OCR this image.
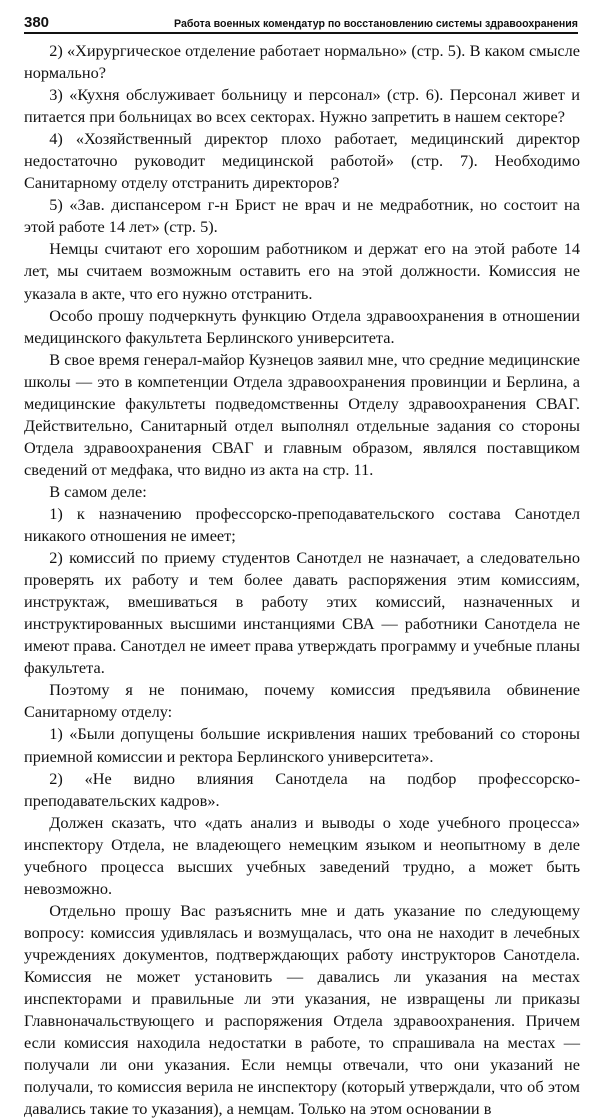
380	Работа военных комендатур по восстановлению системы здравоохранения

2) «Хирургическое отделение работает нормально» (стр. 5). В каком смысле нормально?

3) «Кухня обслуживает больницу и персонал» (стр. 6). Персонал живет и питается при больницах во всех секторах. Нужно запретить в нашем секторе?

4) «Хозяйственный директор плохо работает, медицинский директор недостаточно руководит медицинской работой» (стр. 7). Необходимо Санитарному отделу отстранить директоров?

5) «Зав. диспансером г-н Брист не врач и не медработник, но состоит на этой работе 14 лет» (стр. 5).

Немцы считают его хорошим работником и держат его на этой работе 14 лет, мы считаем возможным оставить его на этой должности. Комиссия не указала в акте, что его нужно отстранить.

Особо прошу подчеркнуть функцию Отдела здравоохранения в отношении медицинского факультета Берлинского университета.

В свое время генерал-майор Кузнецов заявил мне, что средние медицинские школы — это в компетенции Отдела здравоохранения провинции и Берлина, а медицинские факультеты подведомственны Отделу здравоохранения СВАГ. Действительно, Санитарный отдел выполнял отдельные задания со стороны Отдела здравоохранения СВАГ и главным образом, являлся поставщиком сведений от медфака, что видно из акта на стр. 11.

В самом деле:

1) к назначению профессорско-преподавательского состава Санотдел никакого отношения не имеет;

2) комиссий по приему студентов Санотдел не назначает, а следовательно проверять их работу и тем более давать распоряжения этим комиссиям, инструктаж, вмешиваться в работу этих комиссий, назначенных и инструктированных высшими инстанциями СВА — работники Санотдела не имеют права. Санотдел не имеет права утверждать программу и учебные планы факультета.

Поэтому я не понимаю, почему комиссия предъявила обвинение Санитарному отделу:

1) «Были допущены большие искривления наших требований со стороны приемной комиссии и ректора Берлинского университета».

2) «Не видно влияния Санотдела на подбор профессорско-преподавательских кадров».

Должен сказать, что «дать анализ и выводы о ходе учебного процесса» инспектору Отдела, не владеющего немецким языком и неопытному в деле учебного процесса высших учебных заведений трудно, а может быть невозможно.

Отдельно прошу Вас разъяснить мне и дать указание по следующему вопросу: комиссия удивлялась и возмущалась, что она не находит в лечебных учреждениях документов, подтверждающих работу инструкторов Санотдела. Комиссия не может установить — давались ли указания на местах инспекторами и правильные ли эти указания, не извращены ли приказы Главноначальствующего и распоряжения Отдела здравоохранения. Причем если комиссия находила недостатки в работе, то спрашивала на местах — получали ли они указания. Если немцы отвечали, что они указаний не получали, то комиссия верила не инспектору (который утверждали, что об этом давались такие то указания), а немцам. Только на этом основании в
